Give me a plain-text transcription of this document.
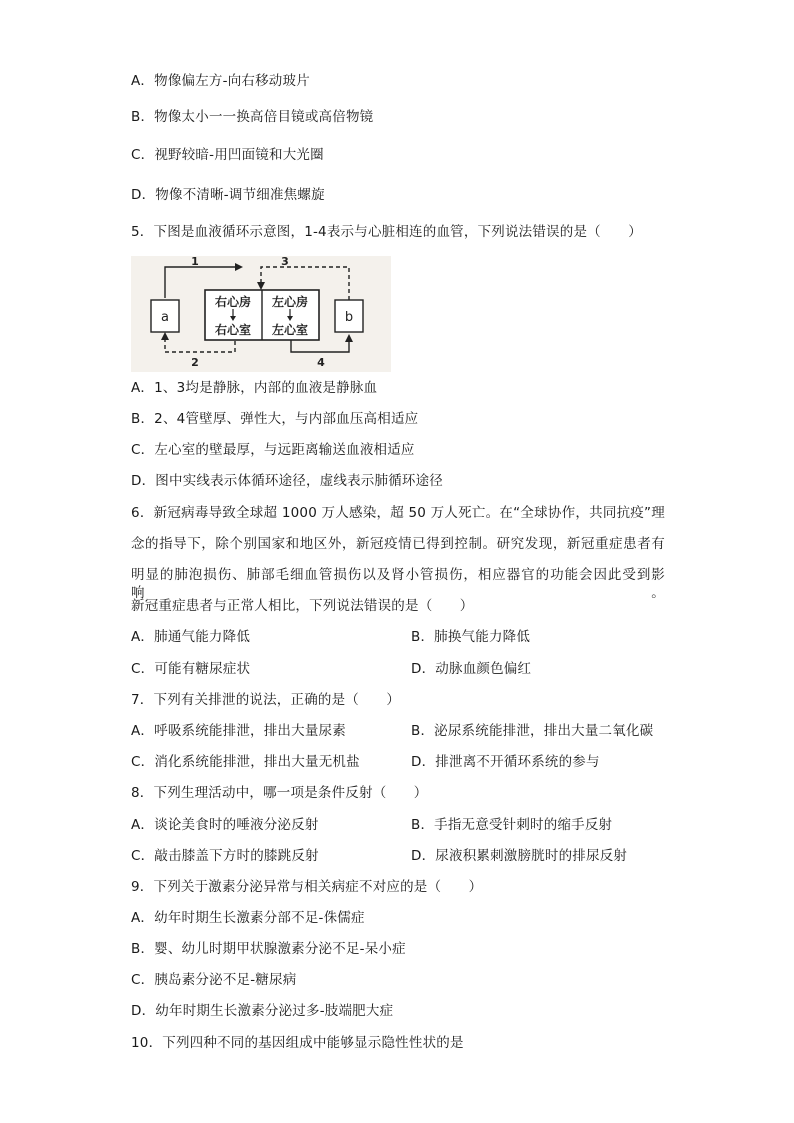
A．物像偏左方-向右移动玻片
B．物像太小一一换高倍目镜或高倍物镜
C．视野较暗-用凹面镜和大光圈
D．物像不清晰-调节细准焦螺旋
5．下图是血液循环示意图，1-4表示与心脏相连的血管，下列说法错误的是（　　）
a	b
右心房 左心房
右心室 左心室
1	3
2	4
A．1、3均是静脉，内部的血液是静脉血
B．2、4管壁厚、弹性大，与内部血压高相适应
C．左心室的壁最厚，与远距离输送血液相适应
D．图中实线表示体循环途径，虚线表示肺循环途径
6．新冠病毒导致全球超 1000 万人感染，超 50 万人死亡。在“全球协作，共同抗疫”理
念的指导下，除个别国家和地区外，新冠疫情已得到控制。研究发现，新冠重症患者有
明显的肺泡损伤、肺部毛细血管损伤以及肾小管损伤，相应器官的功能会因此受到影响。
新冠重症患者与正常人相比，下列说法错误的是（　　）
A．肺通气能力降低	B．肺换气能力降低
C．可能有糖尿症状	D．动脉血颜色偏红
7．下列有关排泄的说法，正确的是（　　）
A．呼吸系统能排泄，排出大量尿素	B．泌尿系统能排泄，排出大量二氧化碳
C．消化系统能排泄，排出大量无机盐	D．排泄离不开循环系统的参与
8．下列生理活动中，哪一项是条件反射（　　）
A．谈论美食时的唾液分泌反射	B．手指无意受针刺时的缩手反射
C．敲击膝盖下方时的膝跳反射	D．尿液积累刺激膀胱时的排尿反射
9．下列关于激素分泌异常与相关病症不对应的是（　　）
A．幼年时期生长激素分部不足-侏儒症
B．婴、幼儿时期甲状腺激素分泌不足-呆小症
C．胰岛素分泌不足-糖尿病
D．幼年时期生长激素分泌过多-肢端肥大症
10．下列四种不同的基因组成中能够显示隐性性状的是
